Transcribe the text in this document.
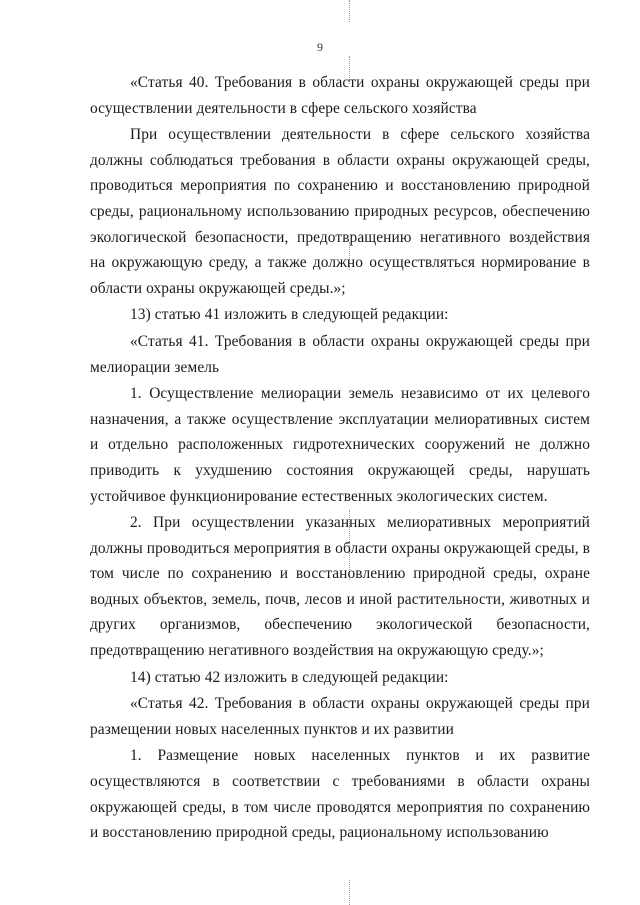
9

«Статья 40. Требования в области охраны окружающей среды при осуществлении деятельности в сфере сельского хозяйства

При осуществлении деятельности в сфере сельского хозяйства должны соблюдаться требования в области охраны окружающей среды, проводиться мероприятия по сохранению и восстановлению природной среды, рациональному использованию природных ресурсов, обеспечению экологической безопасности, предотвращению негативного воздействия на окружающую среду, а также должно осуществляться нормирование в области охраны окружающей среды.»;

13) статью 41 изложить в следующей редакции:

«Статья 41. Требования в области охраны окружающей среды при мелиорации земель

1. Осуществление мелиорации земель независимо от их целевого назначения, а также осуществление эксплуатации мелиоративных систем и отдельно расположенных гидротехнических сооружений не должно приводить к ухудшению состояния окружающей среды, нарушать устойчивое функционирование естественных экологических систем.

2. При осуществлении указанных мелиоративных мероприятий должны проводиться мероприятия в области охраны окружающей среды, в том числе по сохранению и восстановлению природной среды, охране водных объектов, земель, почв, лесов и иной растительности, животных и других организмов, обеспечению экологической безопасности, предотвращению негативного воздействия на окружающую среду.»;

14) статью 42 изложить в следующей редакции:

«Статья 42. Требования в области охраны окружающей среды при размещении новых населенных пунктов и их развитии

1. Размещение новых населенных пунктов и их развитие осуществляются в соответствии с требованиями в области охраны окружающей среды, в том числе проводятся мероприятия по сохранению и восстановлению природной среды, рациональному использованию
